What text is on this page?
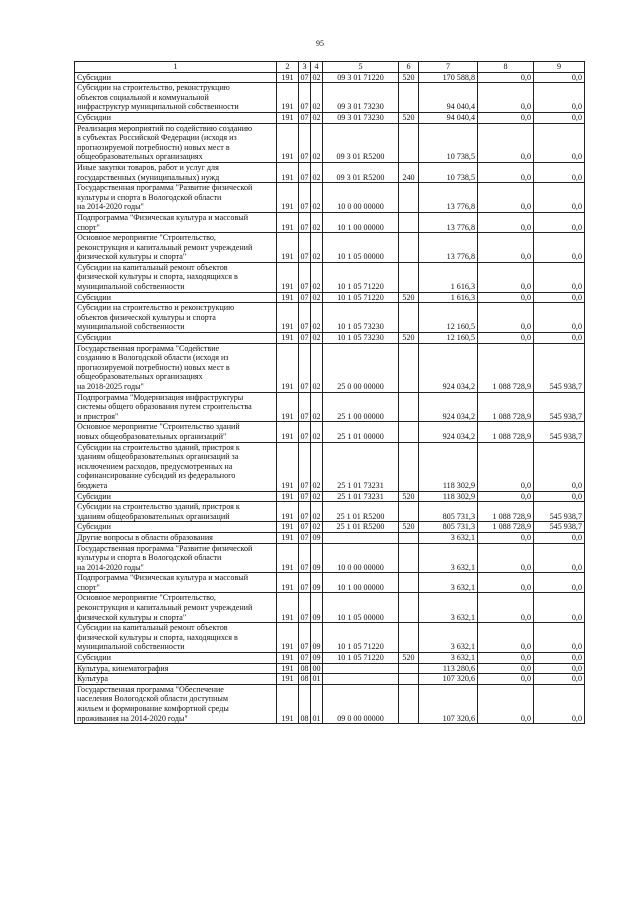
95
1	2	3	4	5	6	7	8	9
Субсидии	191	07	02	09 3 01 71220	520	170 588,8	0,0	0,0
Субсидии на строительство, реконструкцию
объектов социальной и коммунальной
инфраструктур муниципальной собственности	191	07	02	09 3 01 73230		94 040,4	0,0	0,0
Субсидии	191	07	02	09 3 01 73230	520	94 040,4	0,0	0,0
Реализация мероприятий по содействию созданию
в субъектах Российской Федерации (исходя из
прогнозируемой потребности) новых мест в
общеобразовательных организациях	191	07	02	09 3 01 R5200		10 738,5	0,0	0,0
Иные закупки товаров, работ и услуг для
государственных (муниципальных) нужд	191	07	02	09 3 01 R5200	240	10 738,5	0,0	0,0
Государственная программа "Развитие физической
культуры и спорта в Вологодской области
на 2014-2020 годы"	191	07	02	10 0 00 00000		13 776,8	0,0	0,0
Подпрограмма "Физическая культура и массовый
спорт"	191	07	02	10 1 00 00000		13 776,8	0,0	0,0
Основное мероприятие "Строительство,
реконструкция и капитальный ремонт учреждений
физической культуры и спорта"	191	07	02	10 1 05 00000		13 776,8	0,0	0,0
Субсидии на капитальный ремонт объектов
физической культуры и спорта, находящихся в
муниципальной собственности	191	07	02	10 1 05 71220		1 616,3	0,0	0,0
Субсидии	191	07	02	10 1 05 71220	520	1 616,3	0,0	0,0
Субсидии на строительство и реконструкцию
объектов физической культуры и спорта
муниципальной собственности	191	07	02	10 1 05 73230		12 160,5	0,0	0,0
Субсидии	191	07	02	10 1 05 73230	520	12 160,5	0,0	0,0
Государственная программа "Содействие
созданию в Вологодской области (исходя из
прогнозируемой потребности) новых мест в
общеобразовательных организациях
на 2018-2025 годы"	191	07	02	25 0 00 00000		924 034,2	1 088 728,9	545 938,7
Подпрограмма "Модернизация инфраструктуры
системы общего образования путем строительства
и пристроя"	191	07	02	25 1 00 00000		924 034,2	1 088 728,9	545 938,7
Основное мероприятие "Строительство зданий
новых общеобразовательных организаций"	191	07	02	25 1 01 00000		924 034,2	1 088 728,9	545 938,7
Субсидии на строительство зданий, пристроя к
зданиям общеобразовательных организаций за
исключением расходов, предусмотренных на
софинансирование субсидий из федерального
бюджета	191	07	02	25 1 01 73231		118 302,9	0,0	0,0
Субсидии	191	07	02	25 1 01 73231	520	118 302,9	0,0	0,0
Субсидии на строительство зданий, пристроя к
зданиям общеобразовательных организаций	191	07	02	25 1 01 R5200		805 731,3	1 088 728,9	545 938,7
Субсидии	191	07	02	25 1 01 R5200	520	805 731,3	1 088 728,9	545 938,7
Другие вопросы в области образования	191	07	09			3 632,1	0,0	0,0
Государственная программа "Развитие физической
культуры и спорта в Вологодской области
на 2014-2020 годы"	191	07	09	10 0 00 00000		3 632,1	0,0	0,0
Подпрограмма "Физическая культура и массовый
спорт"	191	07	09	10 1 00 00000		3 632,1	0,0	0,0
Основное мероприятие "Строительство,
реконструкция и капитальный ремонт учреждений
физической культуры и спорта"	191	07	09	10 1 05 00000		3 632,1	0,0	0,0
Субсидии на капитальный ремонт объектов
физической культуры и спорта, находящихся в
муниципальной собственности	191	07	09	10 1 05 71220		3 632,1	0,0	0,0
Субсидии	191	07	09	10 1 05 71220	520	3 632,1	0,0	0,0
Культура, кинематография	191	08	00			113 280,6	0,0	0,0
Культура	191	08	01			107 320,6	0,0	0,0
Государственная программа "Обеспечение
населения Вологодской области доступным
жильем и формирование комфортной среды
проживания на 2014-2020 годы"	191	08	01	09 0 00 00000		107 320,6	0,0	0,0
